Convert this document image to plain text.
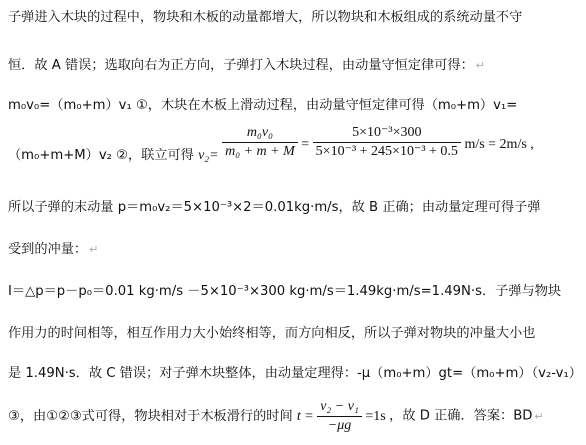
子弹进入木块的过程中，物块和木板的动量都增大，所以物块和木板组成的系统动量不守
恒．故 A 错误；选取向右为正方向，子弹打入木块过程，由动量守恒定律可得： ↵
m₀v₀=（m₀+m）v₁ ①，木块在木板上滑动过程，由动量守恒定律可得（m₀+m）v₁=
（m₀+m+M）v₂ ②，联立可得 $v_2= \frac{\text{m₀v₀}}{\text{m₀ + m + M}} = \frac{\text{5×10⁻³×300}}{\text{5×10⁻³ + 245×10⁻³ + 0.5}} m/s = 2m/s$ ,
所以子弹的末动量 p＝m₀v₂＝5×10⁻³×2＝0.01kg·m/s，故 B 正确；由动量定理可得子弹
受到的冲量： ↵
I＝△p＝p－p₀＝0.01 kg·m/s －5×10⁻³×300 kg·m/s＝1.49kg·m/s=1.49N·s．子弹与物块
作用力的时间相等，相互作用力大小始终相等，而方向相反，所以子弹对物块的冲量大小也
是 1.49N·s．故 C 错误；对子弹木块整体，由动量定理得：-μ（m₀+m）gt=（m₀+m）（v₂-v₁）
③，由①②③式可得，物块相对于木板滑行的时间 $t = \frac{\text{v₂ − v₁}}{-\mu g} =1s$ ，故 D 正确．答案：BD ↵
